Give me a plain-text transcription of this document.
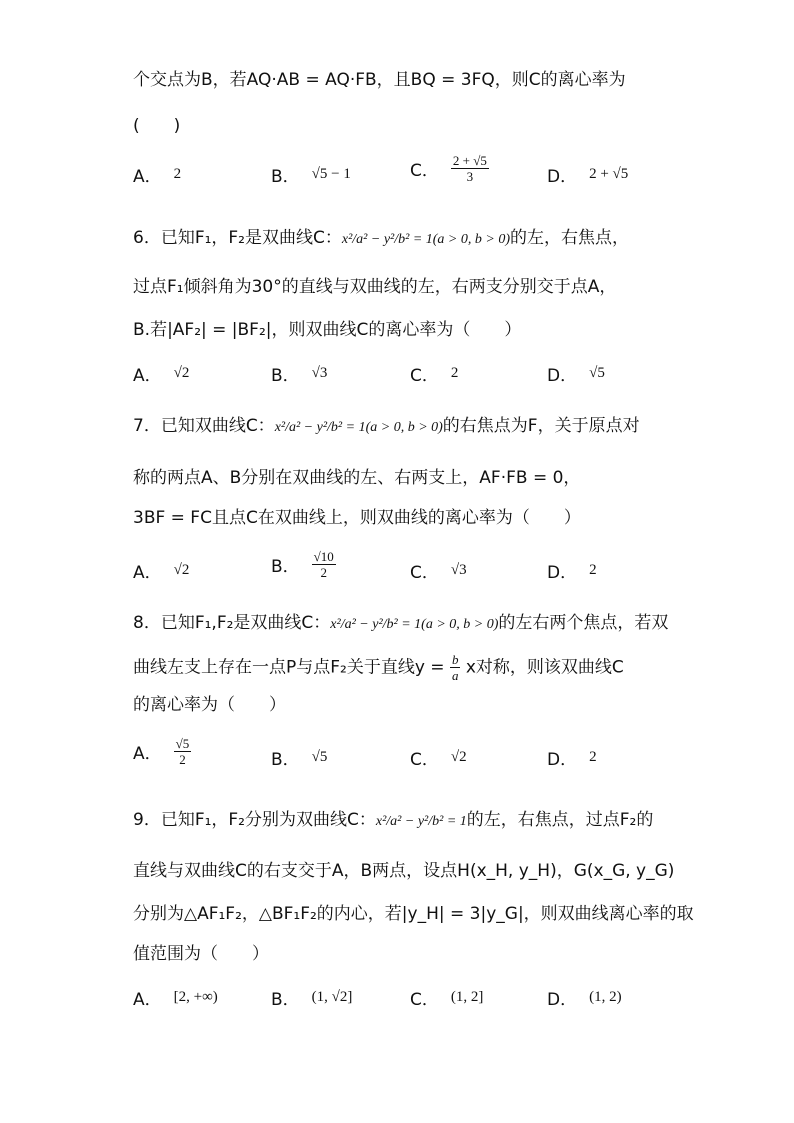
个交点为B，若AQ·AB = AQ·FB，且BQ = 3FQ，则C的离心率为
(　　)
A． 2	B． √5 − 1	C． $\frac{2 + √5}{3}$	D． 2 + √5
6．已知F₁，F₂是双曲线C：x²/a² − y²/b² = 1(a > 0, b > 0)的左，右焦点，
过点F₁倾斜角为30°的直线与双曲线的左，右两支分别交于点A，
B.若|AF₂| = |BF₂|，则双曲线C的离心率为（　　）
A． √2	B． √3	C． 2	D． √5
7．已知双曲线C：x²/a² − y²/b² = 1(a > 0, b > 0)的右焦点为F，关于原点对
称的两点A、B分别在双曲线的左、右两支上，AF·FB = 0，
3BF = FC且点C在双曲线上，则双曲线的离心率为（　　）
A． √2	B． $\frac{√10}{2}$	C． √3	D． 2
8．已知F₁,F₂是双曲线C：x²/a² − y²/b² = 1(a > 0, b > 0)的左右两个焦点，若双
曲线左支上存在一点P与点F₂关于直线$y = \frac{b}{a}$ x对称，则该双曲线C
的离心率为（　　）
A． $\frac{√5}{2}$	B． √5	C． √2	D． 2
9．已知F₁，F₂分别为双曲线C：x²/a² − y²/b² = 1的左，右焦点，过点F₂的
直线与双曲线C的右支交于A，B两点，设点H(x_H, y_H)，G(x_G, y_G)
分别为△AF₁F₂，△BF₁F₂的内心，若|y_H| = 3|y_G|，则双曲线离心率的取
值范围为（　　）
A． [2, +∞)	B． (1, √2]	C． (1, 2]	D． (1, 2)
